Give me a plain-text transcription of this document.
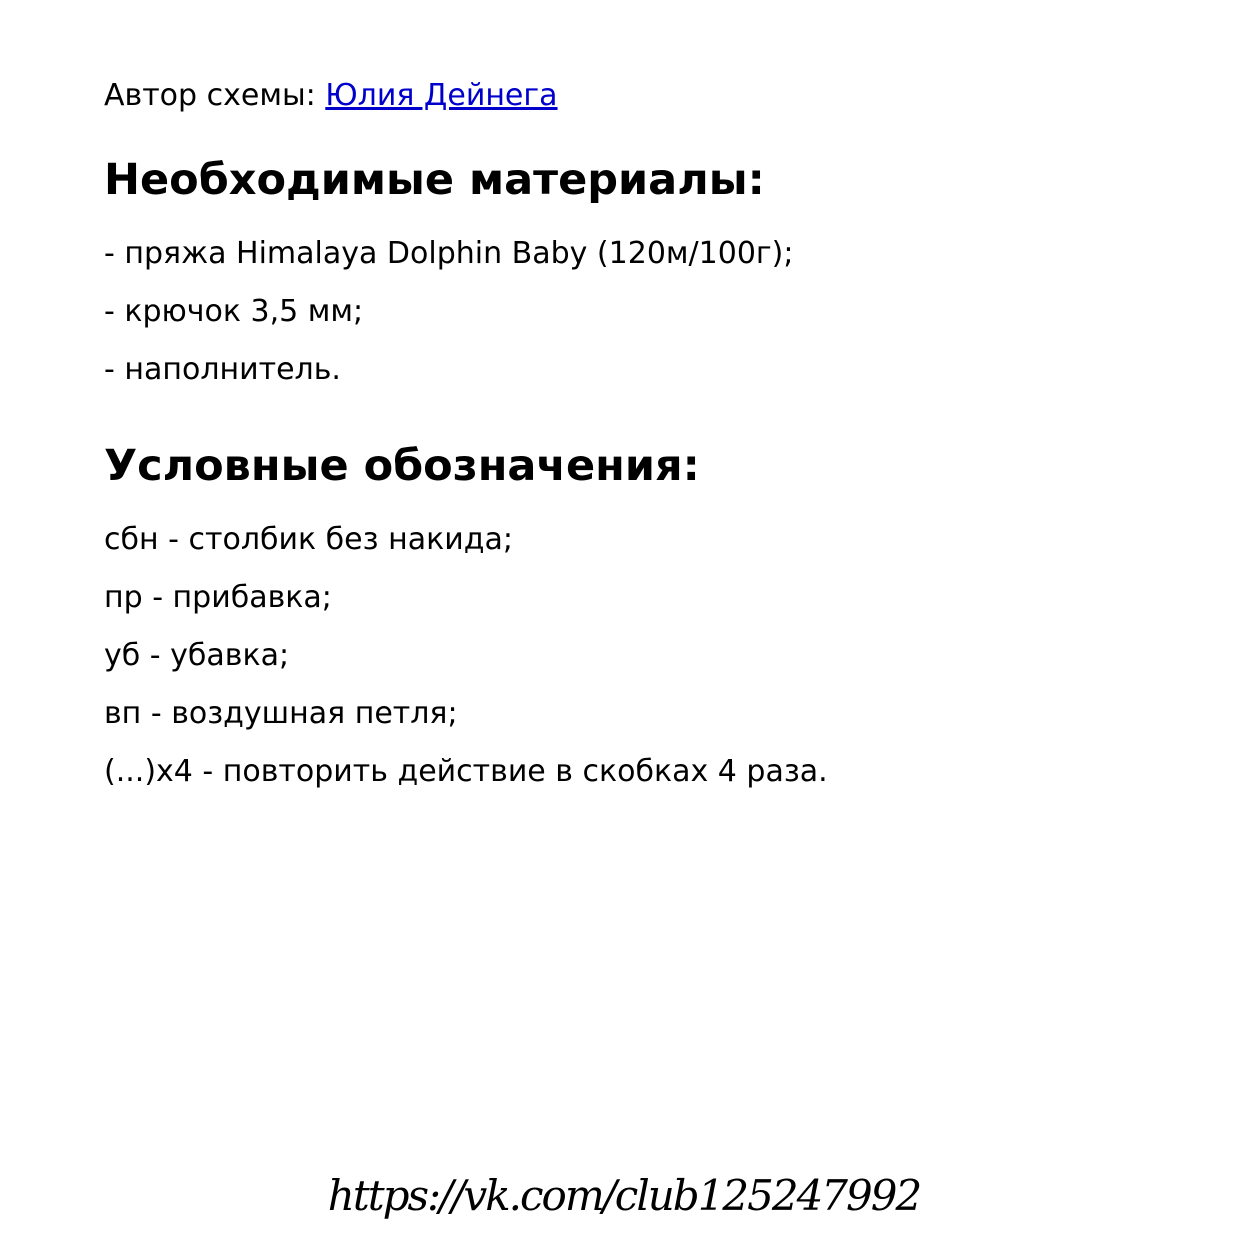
Автор схемы: Юлия Дейнега
Необходимые материалы:
- пряжа Himalaya Dolphin Baby (120м/100г);
- крючок 3,5 мм;
- наполнитель.
Условные обозначения:
сбн - столбик без накида;
пр - прибавка;
уб - убавка;
вп - воздушная петля;
(...)х4 - повторить действие в скобках 4 раза.
https://vk.com/club125247992
